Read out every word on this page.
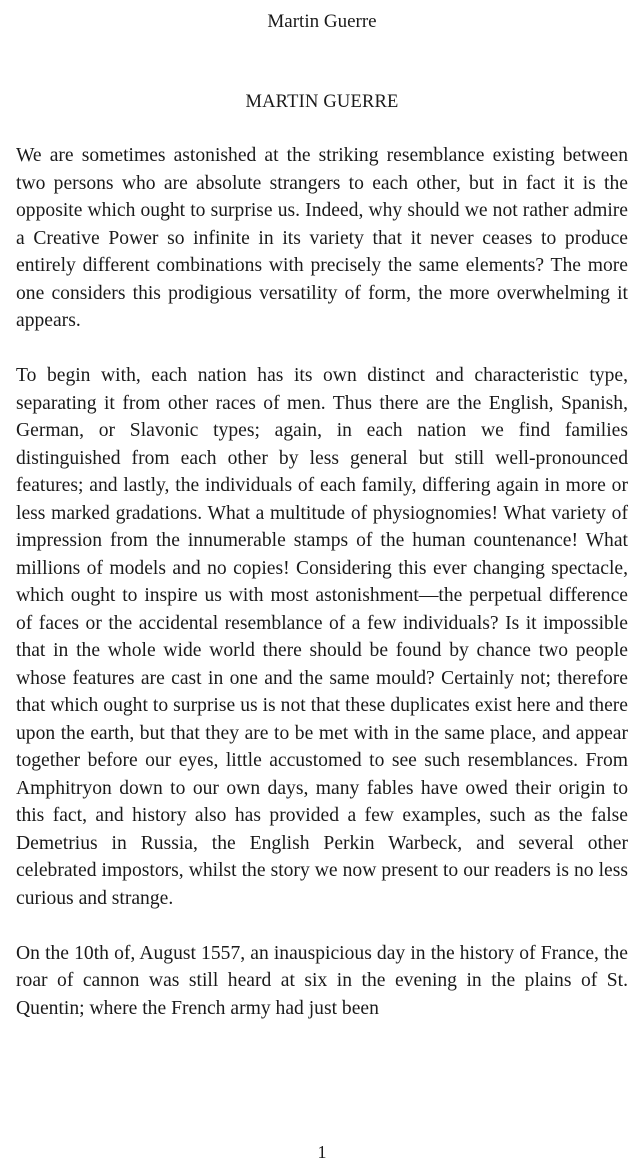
Martin Guerre
MARTIN GUERRE

We are sometimes astonished at the striking resemblance existing between two persons who are absolute strangers to each other, but in fact it is the opposite which ought to surprise us. Indeed, why should we not rather admire a Creative Power so infinite in its variety that it never ceases to produce entirely different combinations with precisely the same elements? The more one considers this prodigious versatility of form, the more overwhelming it appears.

To begin with, each nation has its own distinct and characteristic type, separating it from other races of men. Thus there are the English, Spanish, German, or Slavonic types; again, in each nation we find families distinguished from each other by less general but still well-pronounced features; and lastly, the individuals of each family, differing again in more or less marked gradations. What a multitude of physiognomies! What variety of impression from the innumerable stamps of the human countenance! What millions of models and no copies! Considering this ever changing spectacle, which ought to inspire us with most astonishment—the perpetual difference of faces or the accidental resemblance of a few individuals? Is it impossible that in the whole wide world there should be found by chance two people whose features are cast in one and the same mould? Certainly not; therefore that which ought to surprise us is not that these duplicates exist here and there upon the earth, but that they are to be met with in the same place, and appear together before our eyes, little accustomed to see such resemblances. From Amphitryon down to our own days, many fables have owed their origin to this fact, and history also has provided a few examples, such as the false Demetrius in Russia, the English Perkin Warbeck, and several other celebrated impostors, whilst the story we now present to our readers is no less curious and strange.

On the 10th of, August 1557, an inauspicious day in the history of France, the roar of cannon was still heard at six in the evening in the plains of St. Quentin; where the French army had just been

1
